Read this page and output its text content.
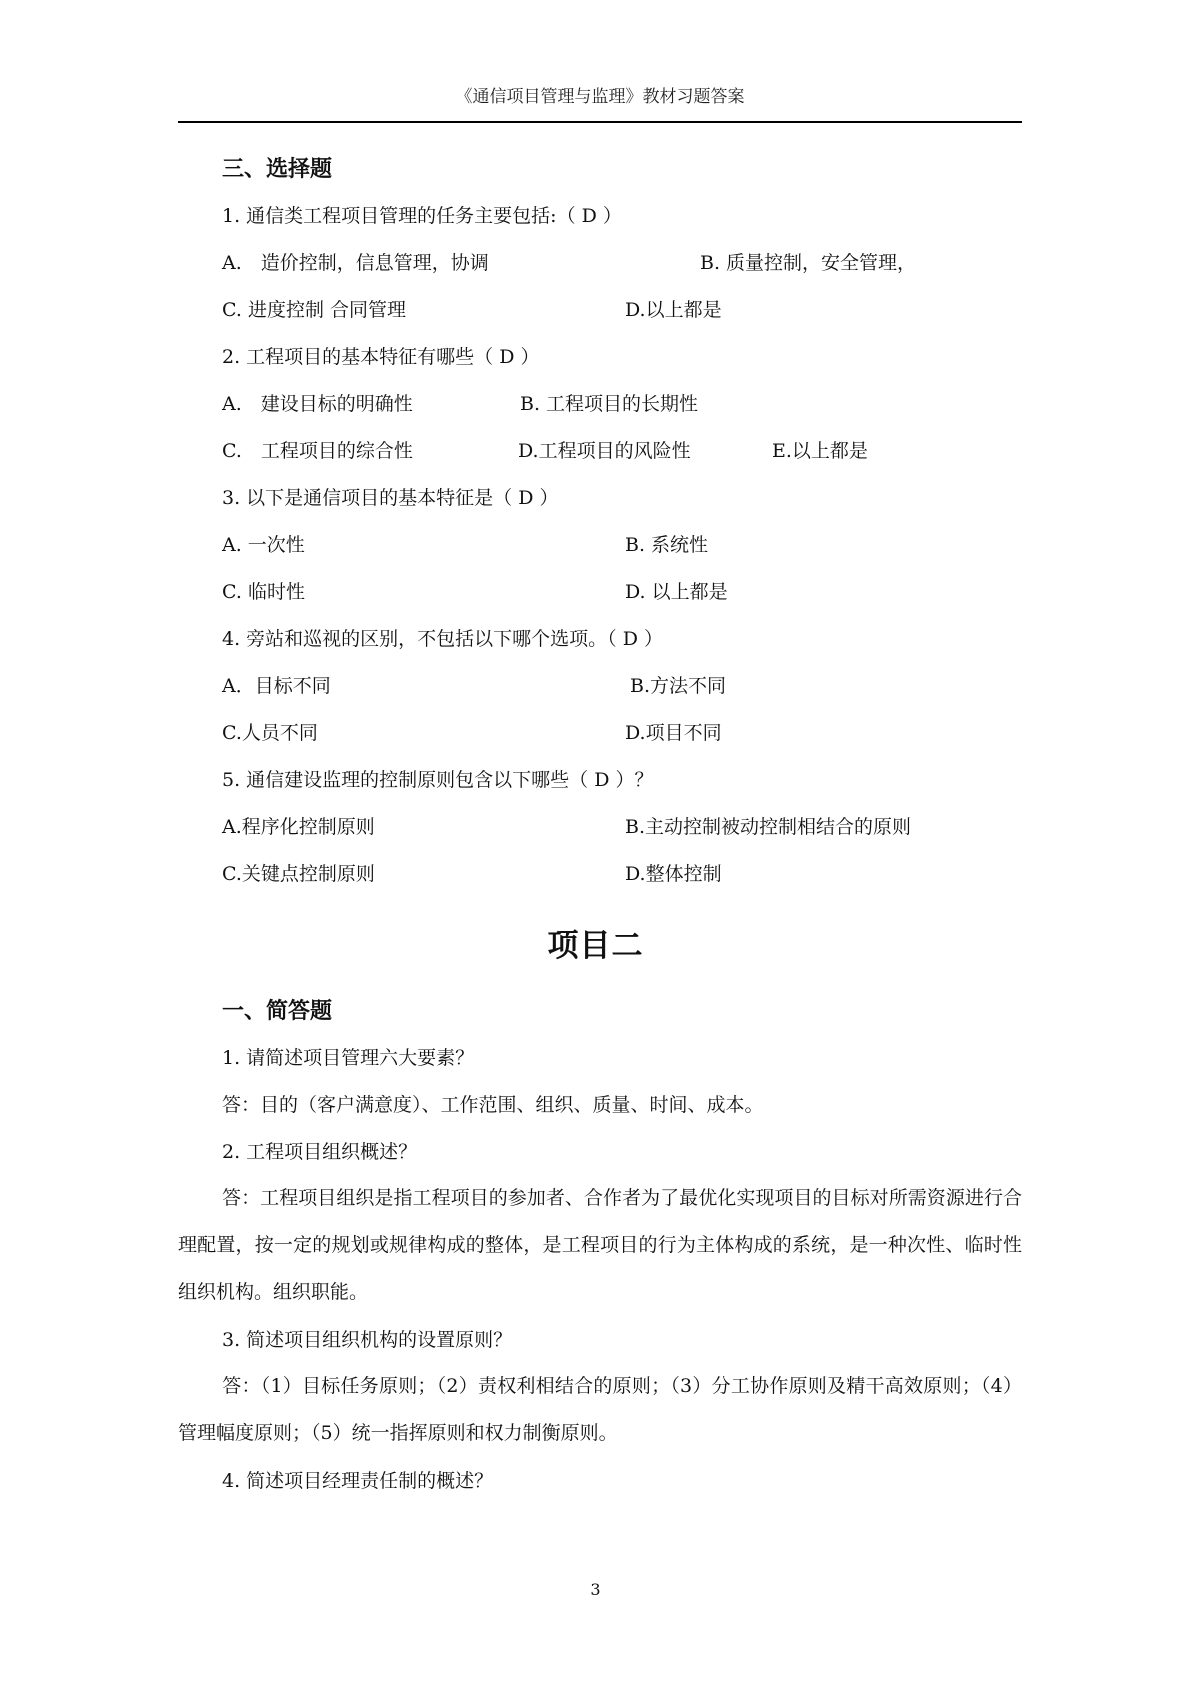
《通信项目管理与监理》教材习题答案
三、选择题
1. 通信类工程项目管理的任务主要包括:（ D ）
A.　造价控制，信息管理，协调	B. 质量控制，安全管理，
C. 进度控制 合同管理	D.以上都是
2. 工程项目的基本特征有哪些（ D ）
A.　建设目标的明确性	B. 工程项目的长期性
C.　工程项目的综合性	D.工程项目的风险性	E.以上都是
3. 以下是通信项目的基本特征是（ D ）
A. 一次性	B. 系统性
C. 临时性	D. 以上都是
4. 旁站和巡视的区别，不包括以下哪个选项。（ D ）
A．目标不同	B.方法不同
C.人员不同	D.项目不同
5. 通信建设监理的控制原则包含以下哪些（ D ）？
A.程序化控制原则	B.主动控制被动控制相结合的原则
C.关键点控制原则	D.整体控制
项目二
一、简答题
1. 请简述项目管理六大要素？
答：目的（客户满意度）、工作范围、组织、质量、时间、成本。
2. 工程项目组织概述？
答：工程项目组织是指工程项目的参加者、合作者为了最优化实现项目的目标对所需资源进行合理配置，按一定的规划或规律构成的整体，是工程项目的行为主体构成的系统，是一种次性、临时性组织机构。组织职能。
3. 简述项目组织机构的设置原则？
答：（1）目标任务原则；（2）责权利相结合的原则；（3）分工协作原则及精干高效原则；（4）管理幅度原则；（5）统一指挥原则和权力制衡原则。
4. 简述项目经理责任制的概述？
3
